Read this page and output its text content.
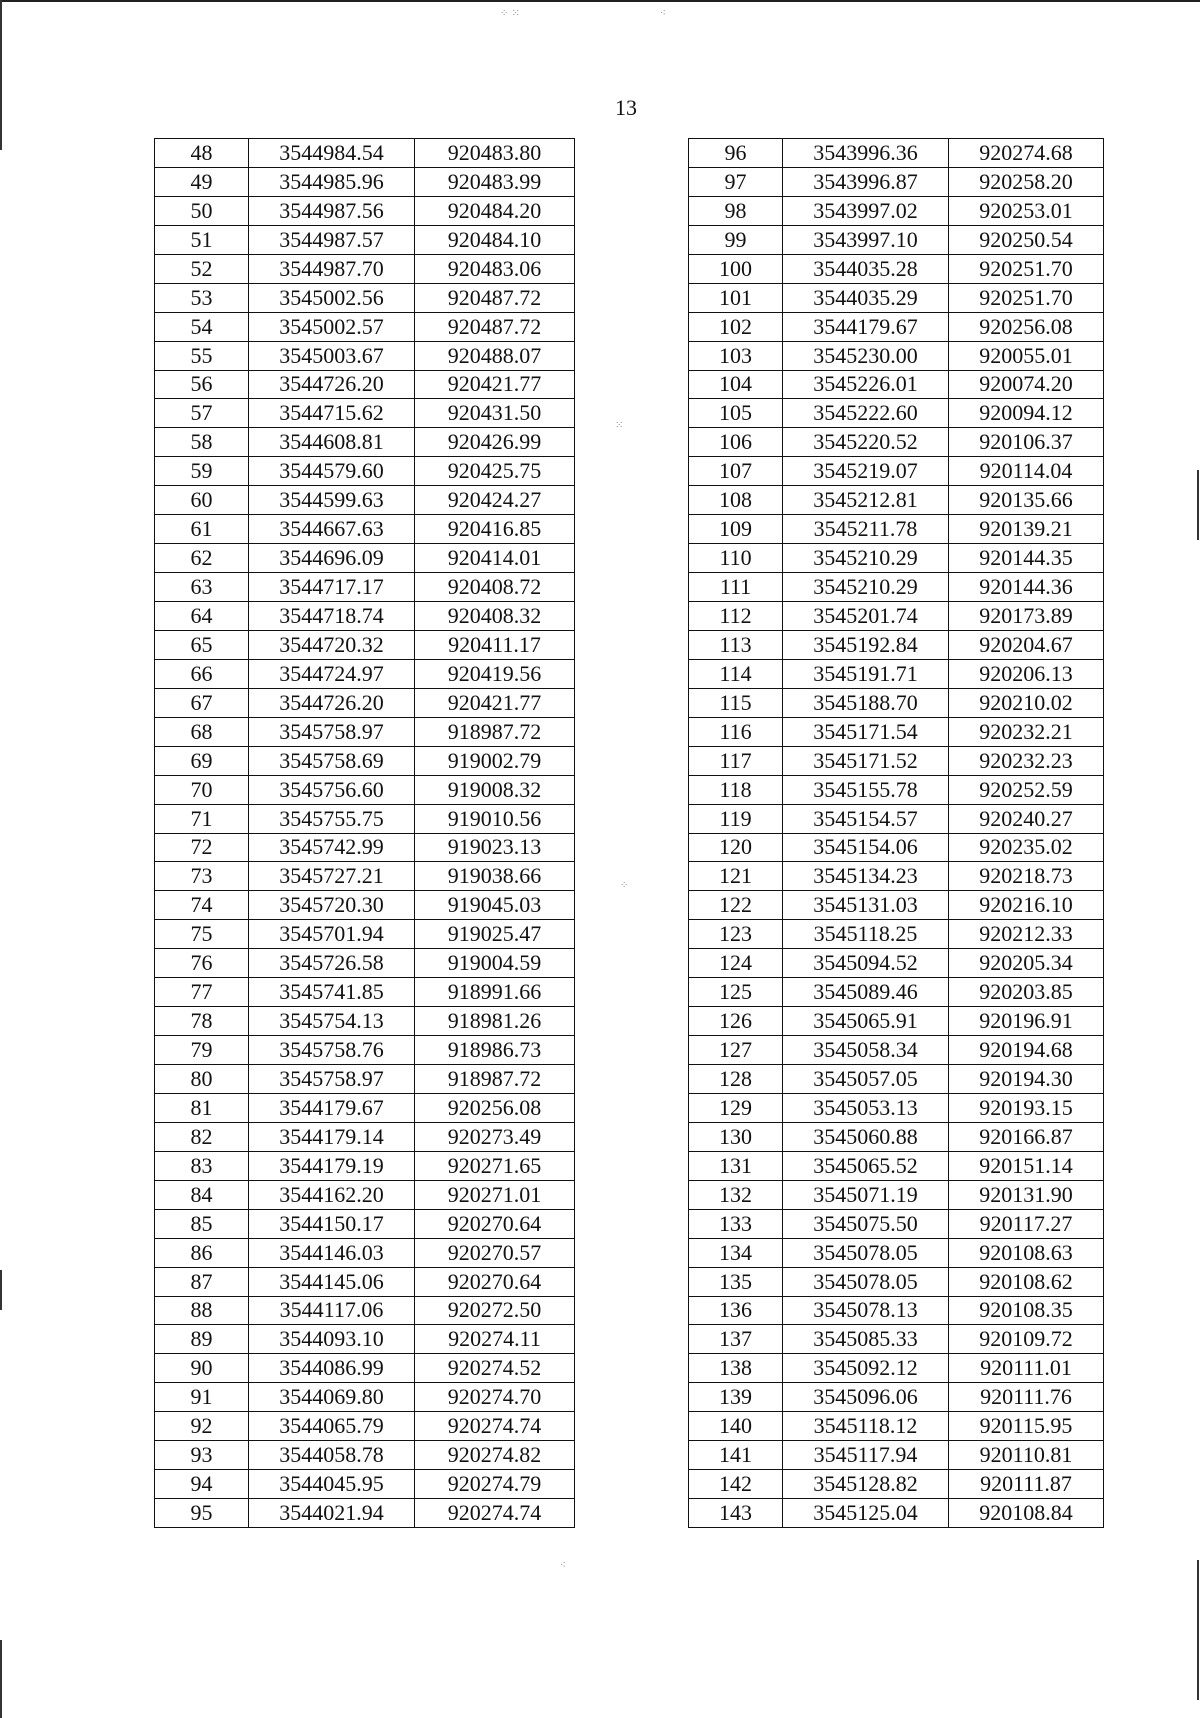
⁘ ⁙	⁖
⁙
⁘
⁖
13
48	3544984.54	920483.80
49	3544985.96	920483.99
50	3544987.56	920484.20
51	3544987.57	920484.10
52	3544987.70	920483.06
53	3545002.56	920487.72
54	3545002.57	920487.72
55	3545003.67	920488.07
56	3544726.20	920421.77
57	3544715.62	920431.50
58	3544608.81	920426.99
59	3544579.60	920425.75
60	3544599.63	920424.27
61	3544667.63	920416.85
62	3544696.09	920414.01
63	3544717.17	920408.72
64	3544718.74	920408.32
65	3544720.32	920411.17
66	3544724.97	920419.56
67	3544726.20	920421.77
68	3545758.97	918987.72
69	3545758.69	919002.79
70	3545756.60	919008.32
71	3545755.75	919010.56
72	3545742.99	919023.13
73	3545727.21	919038.66
74	3545720.30	919045.03
75	3545701.94	919025.47
76	3545726.58	919004.59
77	3545741.85	918991.66
78	3545754.13	918981.26
79	3545758.76	918986.73
80	3545758.97	918987.72
81	3544179.67	920256.08
82	3544179.14	920273.49
83	3544179.19	920271.65
84	3544162.20	920271.01
85	3544150.17	920270.64
86	3544146.03	920270.57
87	3544145.06	920270.64
88	3544117.06	920272.50
89	3544093.10	920274.11
90	3544086.99	920274.52
91	3544069.80	920274.70
92	3544065.79	920274.74
93	3544058.78	920274.82
94	3544045.95	920274.79
95	3544021.94	920274.74
96	3543996.36	920274.68
97	3543996.87	920258.20
98	3543997.02	920253.01
99	3543997.10	920250.54
100	3544035.28	920251.70
101	3544035.29	920251.70
102	3544179.67	920256.08
103	3545230.00	920055.01
104	3545226.01	920074.20
105	3545222.60	920094.12
106	3545220.52	920106.37
107	3545219.07	920114.04
108	3545212.81	920135.66
109	3545211.78	920139.21
110	3545210.29	920144.35
111	3545210.29	920144.36
112	3545201.74	920173.89
113	3545192.84	920204.67
114	3545191.71	920206.13
115	3545188.70	920210.02
116	3545171.54	920232.21
117	3545171.52	920232.23
118	3545155.78	920252.59
119	3545154.57	920240.27
120	3545154.06	920235.02
121	3545134.23	920218.73
122	3545131.03	920216.10
123	3545118.25	920212.33
124	3545094.52	920205.34
125	3545089.46	920203.85
126	3545065.91	920196.91
127	3545058.34	920194.68
128	3545057.05	920194.30
129	3545053.13	920193.15
130	3545060.88	920166.87
131	3545065.52	920151.14
132	3545071.19	920131.90
133	3545075.50	920117.27
134	3545078.05	920108.63
135	3545078.05	920108.62
136	3545078.13	920108.35
137	3545085.33	920109.72
138	3545092.12	920111.01
139	3545096.06	920111.76
140	3545118.12	920115.95
141	3545117.94	920110.81
142	3545128.82	920111.87
143	3545125.04	920108.84
